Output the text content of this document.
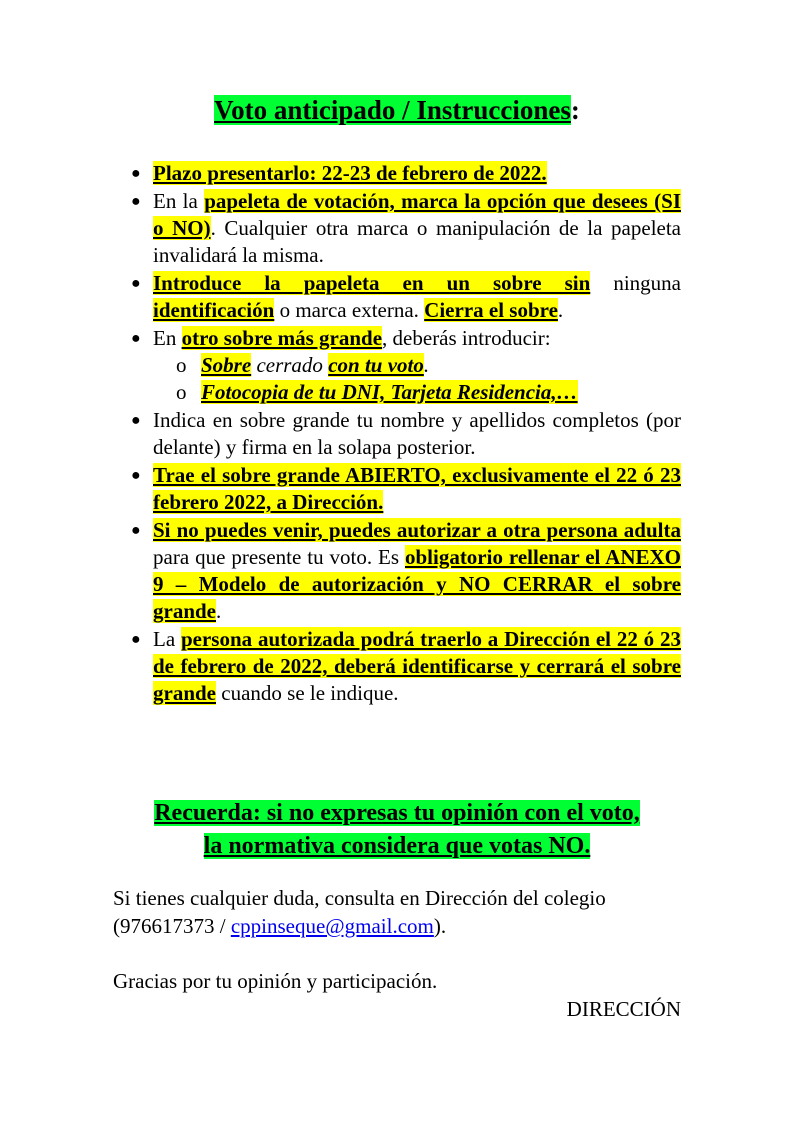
Voto anticipado / Instrucciones:
● Plazo presentarlo: 22-23 de febrero de 2022.
● En la papeleta de votación, marca la opción que desees (SI o NO). Cualquier otra marca o manipulación de la papeleta invalidará la misma.
● Introduce la papeleta en un sobre sin ninguna identificación o marca externa. Cierra el sobre.
● En otro sobre más grande, deberás introducir:
o Sobre cerrado con tu voto.
o Fotocopia de tu DNI, Tarjeta Residencia,…
● Indica en sobre grande tu nombre y apellidos completos (por delante) y firma en la solapa posterior.
● Trae el sobre grande ABIERTO, exclusivamente el 22 ó 23 febrero 2022, a Dirección.
● Si no puedes venir, puedes autorizar a otra persona adulta para que presente tu voto. Es obligatorio rellenar el ANEXO 9 – Modelo de autorización y NO CERRAR el sobre grande.
● La persona autorizada podrá traerlo a Dirección el 22 ó 23 de febrero de 2022, deberá identificarse y cerrará el sobre grande cuando se le indique.
Recuerda: si no expresas tu opinión con el voto,
la normativa considera que votas NO.
Si tienes cualquier duda, consulta en Dirección del colegio
(976617373 / cppinseque@gmail.com).
Gracias por tu opinión y participación.
DIRECCIÓN
